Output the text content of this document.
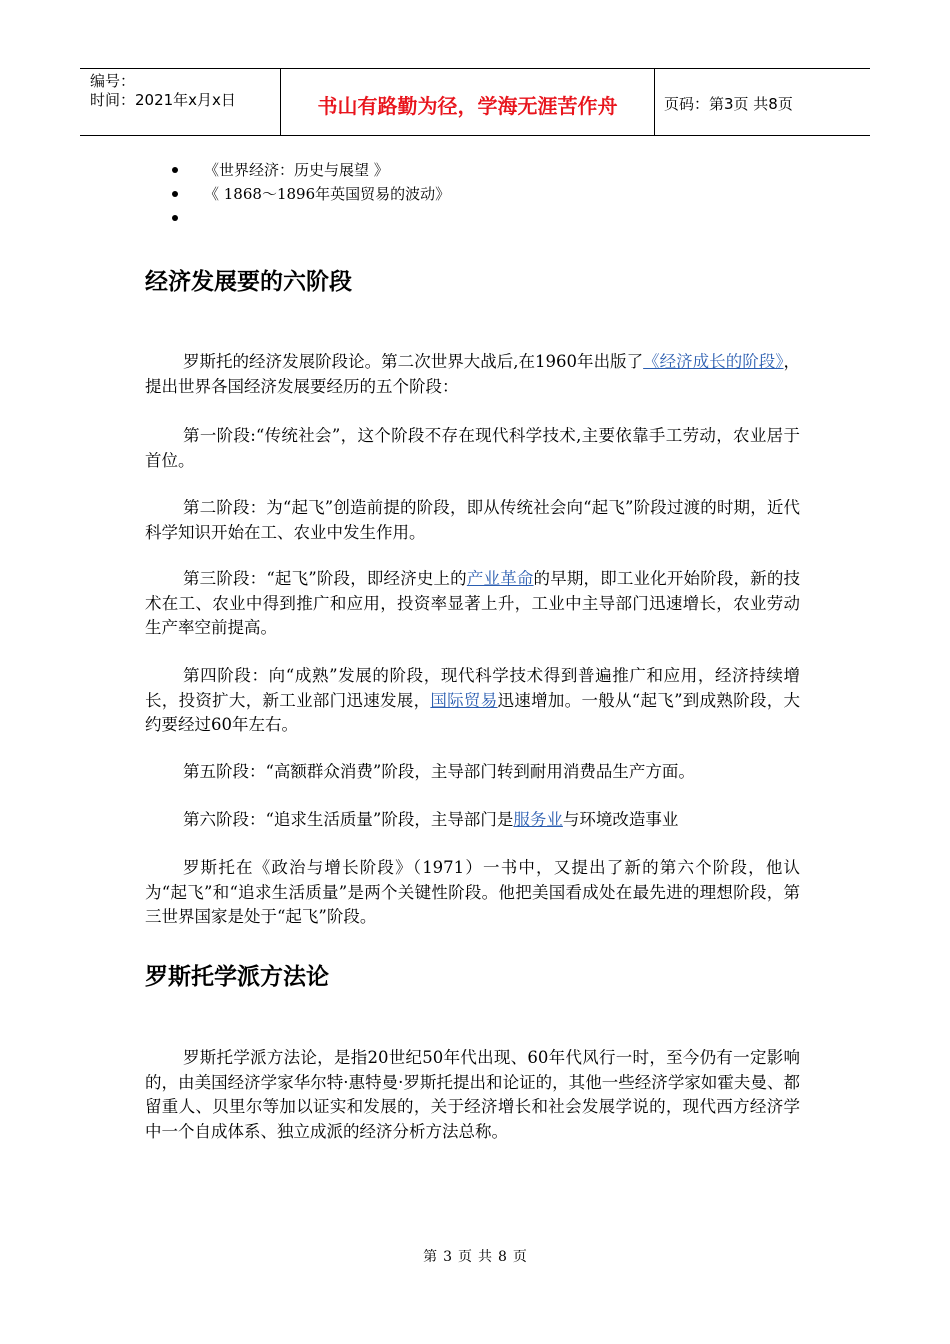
编号：
时间：2021年x月x日	书山有路勤为径，学海无涯苦作舟	页码：第3页 共8页
《世界经济：历史与展望 》
《 1868～1896年英国贸易的波动》
经济发展要的六阶段

罗斯托的经济发展阶段论。第二次世界大战后,在1960年出版了《经济成长的阶段》，提出世界各国经济发展要经历的五个阶段：

第一阶段:“传统社会”，这个阶段不存在现代科学技术,主要依靠手工劳动，农业居于首位。

第二阶段：为“起飞”创造前提的阶段，即从传统社会向“起飞”阶段过渡的时期，近代科学知识开始在工、农业中发生作用。

第三阶段：“起飞”阶段，即经济史上的产业革命的早期，即工业化开始阶段，新的技术在工、农业中得到推广和应用，投资率显著上升，工业中主导部门迅速增长，农业劳动生产率空前提高。

第四阶段：向“成熟”发展的阶段，现代科学技术得到普遍推广和应用，经济持续增长，投资扩大，新工业部门迅速发展，国际贸易迅速增加。一般从“起飞”到成熟阶段，大约要经过60年左右。

第五阶段：“高额群众消费”阶段，主导部门转到耐用消费品生产方面。

第六阶段：“追求生活质量”阶段，主导部门是服务业与环境改造事业

罗斯托在《政治与增长阶段》（1971）一书中，又提出了新的第六个阶段，他认为“起飞”和“追求生活质量”是两个关键性阶段。他把美国看成处在最先进的理想阶段，第三世界国家是处于“起飞”阶段。

罗斯托学派方法论

罗斯托学派方法论，是指20世纪50年代出现、60年代风行一时，至今仍有一定影响的，由美国经济学家华尔特·惠特曼·罗斯托提出和论证的，其他一些经济学家如霍夫曼、都留重人、贝里尔等加以证实和发展的，关于经济增长和社会发展学说的，现代西方经济学中一个自成体系、独立成派的经济分析方法总称。

第 3 页 共 8 页
